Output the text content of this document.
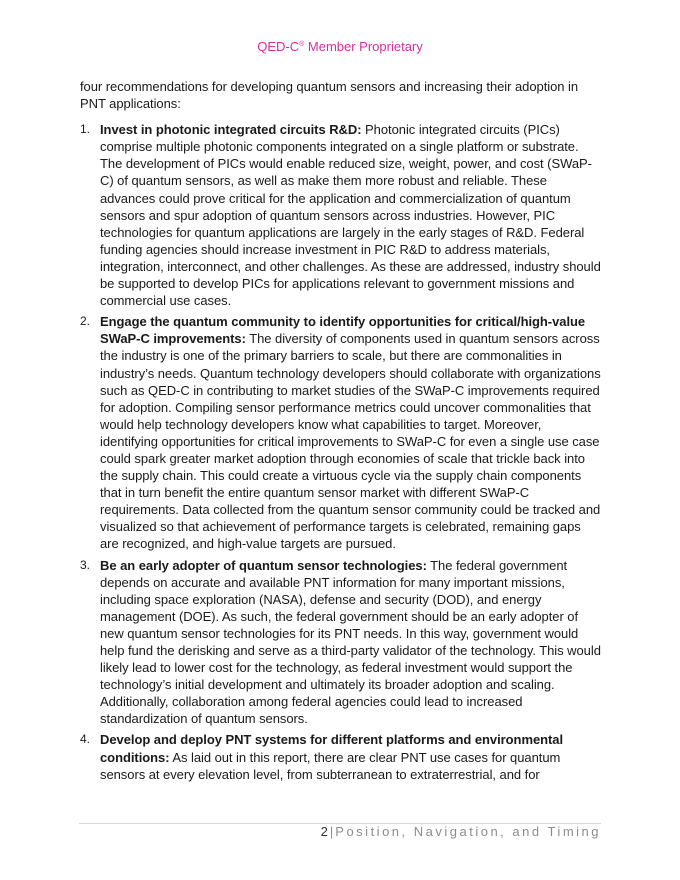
QED-C® Member Proprietary

four recommendations for developing quantum sensors and increasing their adoption in PNT applications:

1. Invest in photonic integrated circuits R&D: Photonic integrated circuits (PICs) comprise multiple photonic components integrated on a single platform or substrate. The development of PICs would enable reduced size, weight, power, and cost (SWaP-C) of quantum sensors, as well as make them more robust and reliable. These advances could prove critical for the application and commercialization of quantum sensors and spur adoption of quantum sensors across industries. However, PIC technologies for quantum applications are largely in the early stages of R&D. Federal funding agencies should increase investment in PIC R&D to address materials, integration, interconnect, and other challenges. As these are addressed, industry should be supported to develop PICs for applications relevant to government missions and commercial use cases.
2. Engage the quantum community to identify opportunities for critical/high-value SWaP-C improvements: The diversity of components used in quantum sensors across the industry is one of the primary barriers to scale, but there are commonalities in industry’s needs. Quantum technology developers should collaborate with organizations such as QED-C in contributing to market studies of the SWaP-C improvements required for adoption. Compiling sensor performance metrics could uncover commonalities that would help technology developers know what capabilities to target. Moreover, identifying opportunities for critical improvements to SWaP-C for even a single use case could spark greater market adoption through economies of scale that trickle back into the supply chain. This could create a virtuous cycle via the supply chain components that in turn benefit the entire quantum sensor market with different SWaP-C requirements. Data collected from the quantum sensor community could be tracked and visualized so that achievement of performance targets is celebrated, remaining gaps are recognized, and high-value targets are pursued.
3. Be an early adopter of quantum sensor technologies: The federal government depends on accurate and available PNT information for many important missions, including space exploration (NASA), defense and security (DOD), and energy management (DOE). As such, the federal government should be an early adopter of new quantum sensor technologies for its PNT needs. In this way, government would help fund the derisking and serve as a third-party validator of the technology. This would likely lead to lower cost for the technology, as federal investment would support the technology’s initial development and ultimately its broader adoption and scaling. Additionally, collaboration among federal agencies could lead to increased standardization of quantum sensors.
4. Develop and deploy PNT systems for different platforms and environmental conditions: As laid out in this report, there are clear PNT use cases for quantum sensors at every elevation level, from subterranean to extraterrestrial, and for
2 | Position, Navigation, and Timing
